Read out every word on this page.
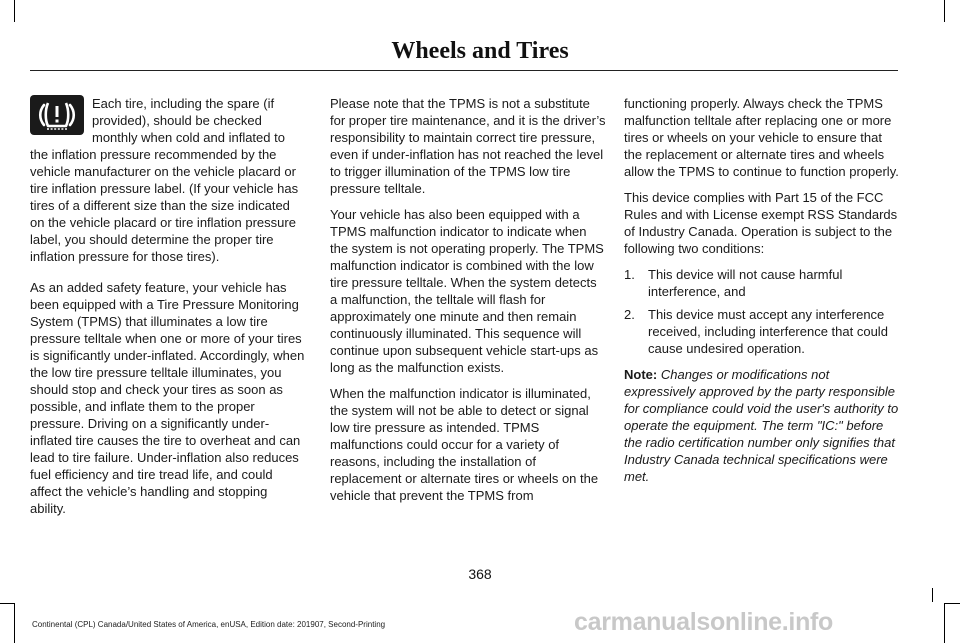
Wheels and Tires

Each tire, including the spare (if provided), should be checked monthly when cold and inflated to the inflation pressure recommended by the vehicle manufacturer on the vehicle placard or tire inflation pressure label. (If your vehicle has tires of a different size than the size indicated on the vehicle placard or tire inflation pressure label, you should determine the proper tire inflation pressure for those tires).

As an added safety feature, your vehicle has been equipped with a Tire Pressure Monitoring System (TPMS) that illuminates a low tire pressure telltale when one or more of your tires is significantly under-inflated. Accordingly, when the low tire pressure telltale illuminates, you should stop and check your tires as soon as possible, and inflate them to the proper pressure. Driving on a significantly under-inflated tire causes the tire to overheat and can lead to tire failure. Under-inflation also reduces fuel efficiency and tire tread life, and could affect the vehicle’s handling and stopping ability.

Please note that the TPMS is not a substitute for proper tire maintenance, and it is the driver’s responsibility to maintain correct tire pressure, even if under-inflation has not reached the level to trigger illumination of the TPMS low tire pressure telltale.

Your vehicle has also been equipped with a TPMS malfunction indicator to indicate when the system is not operating properly. The TPMS malfunction indicator is combined with the low tire pressure telltale. When the system detects a malfunction, the telltale will flash for approximately one minute and then remain continuously illuminated. This sequence will continue upon subsequent vehicle start-ups as long as the malfunction exists.

When the malfunction indicator is illuminated, the system will not be able to detect or signal low tire pressure as intended. TPMS malfunctions could occur for a variety of reasons, including the installation of replacement or alternate tires or wheels on the vehicle that prevent the TPMS from

functioning properly. Always check the TPMS malfunction telltale after replacing one or more tires or wheels on your vehicle to ensure that the replacement or alternate tires and wheels allow the TPMS to continue to function properly.

This device complies with Part 15 of the FCC Rules and with License exempt RSS Standards of Industry Canada. Operation is subject to the following two conditions:

1.	This device will not cause harmful interference, and
2.	This device must accept any interference received, including interference that could cause undesired operation.

Note: Changes or modifications not expressively approved by the party responsible for compliance could void the user's authority to operate the equipment. The term "IC:" before the radio certification number only signifies that Industry Canada technical specifications were met.

368
Continental (CPL) Canada/United States of America, enUSA, Edition date: 201907, Second-Printing	carmanualsonline.info
